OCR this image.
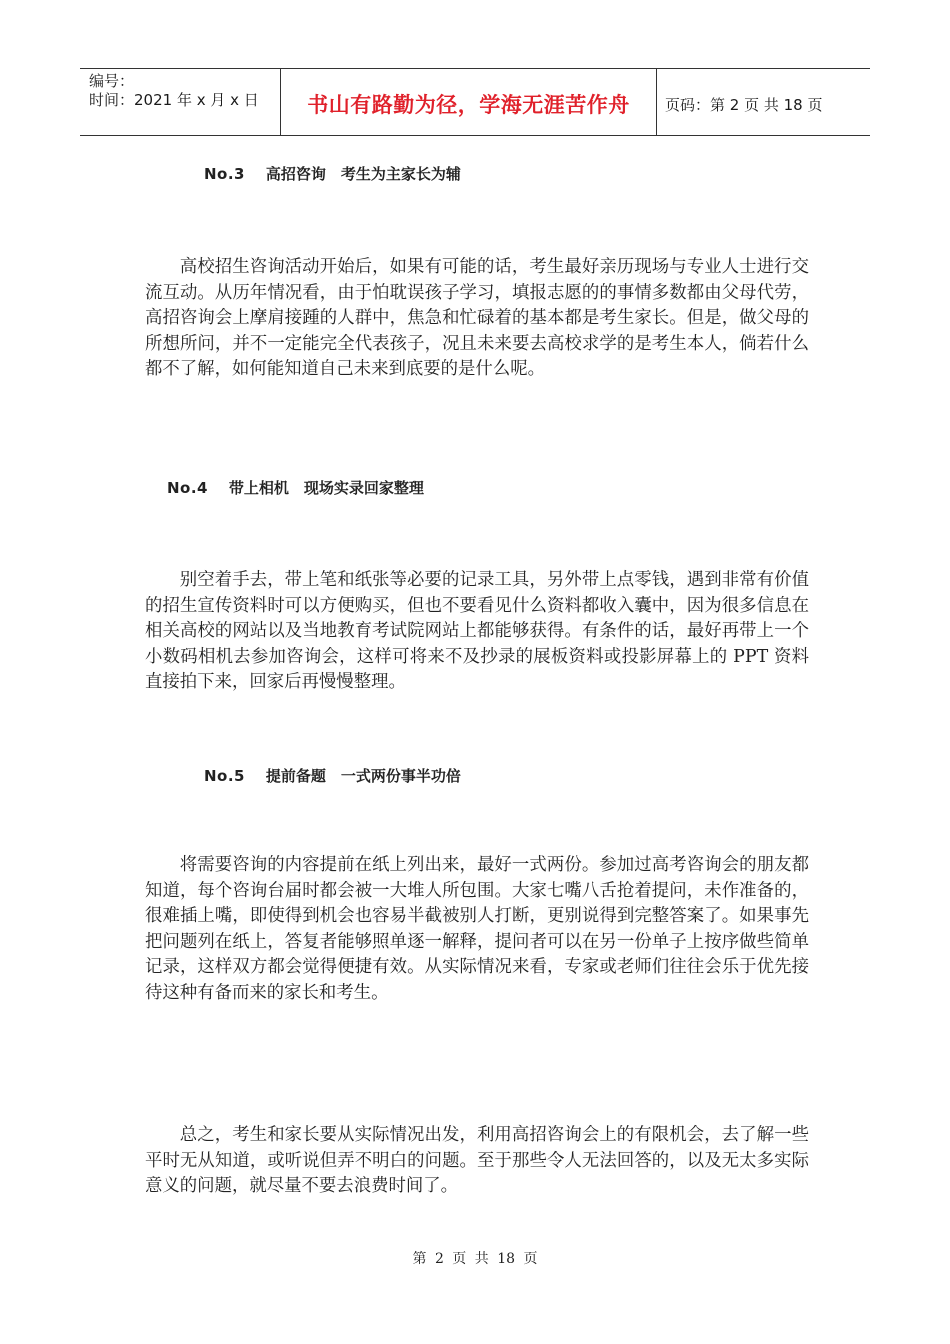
编号：
时间：2021 年 x 月 x 日	书山有路勤为径，学海无涯苦作舟	页码：第 2 页 共 18 页
No.3 高招咨询　考生为主家长为辅

高校招生咨询活动开始后，如果有可能的话，考生最好亲历现场与专业人士进行交流互动。从历年情况看，由于怕耽误孩子学习，填报志愿的的事情多数都由父母代劳，高招咨询会上摩肩接踵的人群中，焦急和忙碌着的基本都是考生家长。但是，做父母的所想所问，并不一定能完全代表孩子，况且未来要去高校求学的是考生本人，倘若什么都不了解，如何能知道自己未来到底要的是什么呢。

No.4 带上相机　现场实录回家整理

别空着手去，带上笔和纸张等必要的记录工具，另外带上点零钱，遇到非常有价值的招生宣传资料时可以方便购买，但也不要看见什么资料都收入囊中，因为很多信息在相关高校的网站以及当地教育考试院网站上都能够获得。有条件的话，最好再带上一个小数码相机去参加咨询会，这样可将来不及抄录的展板资料或投影屏幕上的 PPT 资料直接拍下来，回家后再慢慢整理。

No.5 提前备题　一式两份事半功倍

将需要咨询的内容提前在纸上列出来，最好一式两份。参加过高考咨询会的朋友都知道，每个咨询台届时都会被一大堆人所包围。大家七嘴八舌抢着提问，未作准备的，很难插上嘴，即使得到机会也容易半截被别人打断，更别说得到完整答案了。如果事先把问题列在纸上，答复者能够照单逐一解释，提问者可以在另一份单子上按序做些简单记录，这样双方都会觉得便捷有效。从实际情况来看，专家或老师们往往会乐于优先接待这种有备而来的家长和考生。

总之，考生和家长要从实际情况出发，利用高招咨询会上的有限机会，去了解一些平时无从知道，或听说但弄不明白的问题。至于那些令人无法回答的，以及无太多实际意义的问题，就尽量不要去浪费时间了。

第 2 页 共 18 页
